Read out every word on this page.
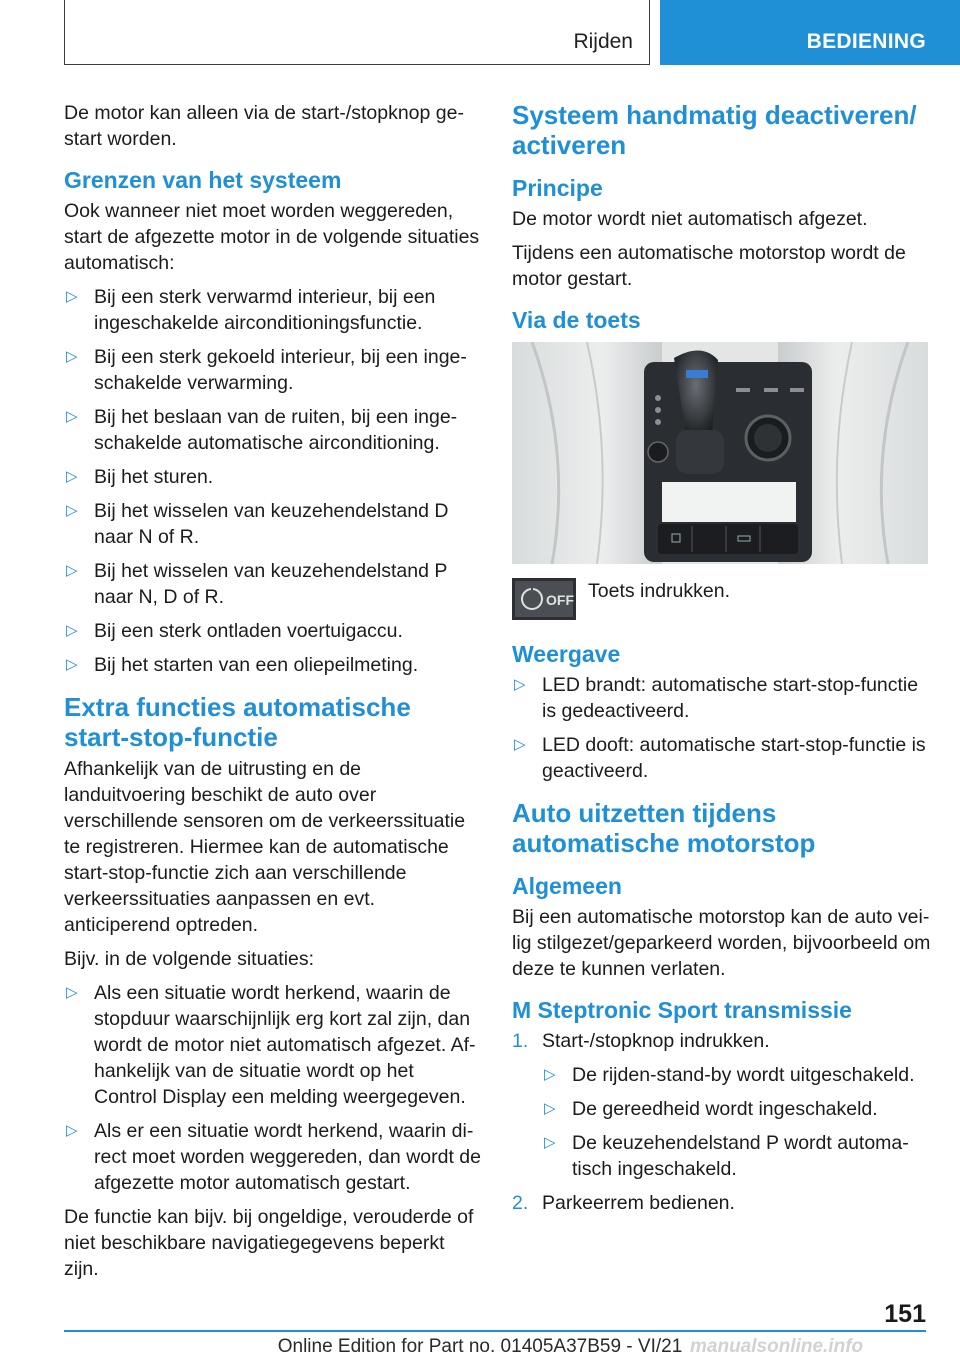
Rijden	BEDIENING

De motor kan alleen via de start-/stopknop gestart worden.

Grenzen van het systeem

Ook wanneer niet moet worden weggereden, start de afgezette motor in de volgende situaties automatisch:

▷ Bij een sterk verwarmd interieur, bij een ingeschakelde airconditioningsfunctie.
▷ Bij een sterk gekoeld interieur, bij een ingeschakelde verwarming.
▷ Bij het beslaan van de ruiten, bij een ingeschakelde automatische airconditioning.
▷ Bij het sturen.
▷ Bij het wisselen van keuzehendelstand D naar N of R.
▷ Bij het wisselen van keuzehendelstand P naar N, D of R.
▷ Bij een sterk ontladen voertuigaccu.
▷ Bij het starten van een oliepeilmeting.
Extra functies automatische start-stop-functie

Afhankelijk van de uitrusting en de landuitvoering beschikt de auto over verschillende sensoren om de verkeerssituatie te registreren. Hiermee kan de automatische start-stop-functie zich aan verschillende verkeerssituaties aanpassen en evt. anticiperend optreden.

Bijv. in de volgende situaties:

▷ Als een situatie wordt herkend, waarin de stopduur waarschijnlijk erg kort zal zijn, dan wordt de motor niet automatisch afgezet. Afhankelijk van de situatie wordt op het Control Display een melding weergegeven.
▷ Als er een situatie wordt herkend, waarin direct moet worden weggereden, dan wordt de afgezette motor automatisch gestart.

De functie kan bijv. bij ongeldige, verouderde of niet beschikbare navigatiegegevens beperkt zijn.

Systeem handmatig deactiveren/ activeren
Principe

De motor wordt niet automatisch afgezet.

Tijdens een automatische motorstop wordt de motor gestart.

Via de toets
OFF Toets indrukken.

Weergave
▷ LED brandt: automatische start-stop-functie is gedeactiveerd.
▷ LED dooft: automatische start-stop-functie is geactiveerd.
Auto uitzetten tijdens automatische motorstop
Algemeen

Bij een automatische motorstop kan de auto veilig stilgezet/geparkeerd worden, bijvoorbeeld om deze te kunnen verlaten.

M Steptronic Sport transmissie
1. Start-/stopknop indrukken.
▷ De rijden-stand-by wordt uitgeschakeld.
▷ De gereedheid wordt ingeschakeld.
▷ De keuzehendelstand P wordt automatisch ingeschakeld.
2. Parkeerrem bedienen.
151
Online Edition for Part no. 01405A37B59 - VI/21 manualsonline.info
